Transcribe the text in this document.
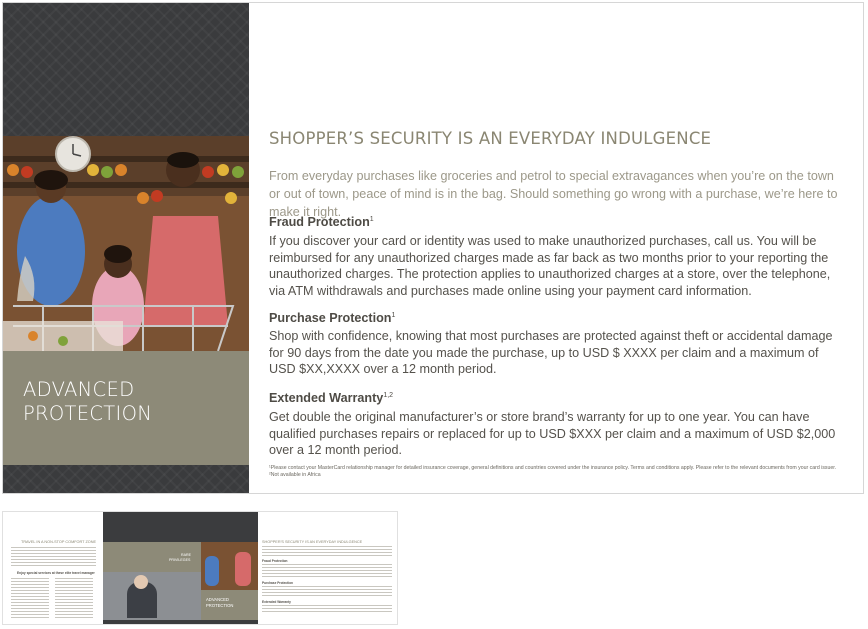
ADVANCED
PROTECTION
SHOPPER’S SECURITY IS AN EVERYDAY INDULGENCE
From everyday purchases like groceries and petrol to special extravagances when you’re on the town or out of town, peace of mind is in the bag. Should something go wrong with a purchase, we’re here to make it right.
Fraud Protection$^1$
If you discover your card or identity was used to make unauthorized purchases, call us. You will be reimbursed for any unauthorized charges made as far back as two months prior to your reporting the unauthorized charges. The protection applies to unauthorized charges at a store, over the telephone, via ATM withdrawals and purchases made online using your payment card information.
Purchase Protection$^1$
Shop with confidence, knowing that most purchases are protected against theft or accidental damage for 90 days from the date you made the purchase, up to USD $ XXXX per claim and a maximum of USD $XX,XXXX over a 12 month period.
Extended Warranty$^{1,2}$
Get double the original manufacturer’s or store brand’s warranty for up to one year. You can have qualified purchases repairs or replaced for up to USD $XXX per claim and a maximum of USD $2,000 over a 12 month period.
¹Please contact your MasterCard relationship manager for detailed insurance coverage, general definitions and countries covered under the insurance policy. Terms and conditions apply. Please refer to the relevant documents from your card issuer.
²Not available in Africa
TRAVEL IN A NON-STOP COMFORT ZONE
Enjoy special services at these elite travel manager
RARE
PRIVILEGES
ADVANCED
PROTECTION
SHOPPER’S SECURITY IS AN EVERYDAY INDULGENCE
Fraud Protection
Purchase Protection
Extended Warranty
